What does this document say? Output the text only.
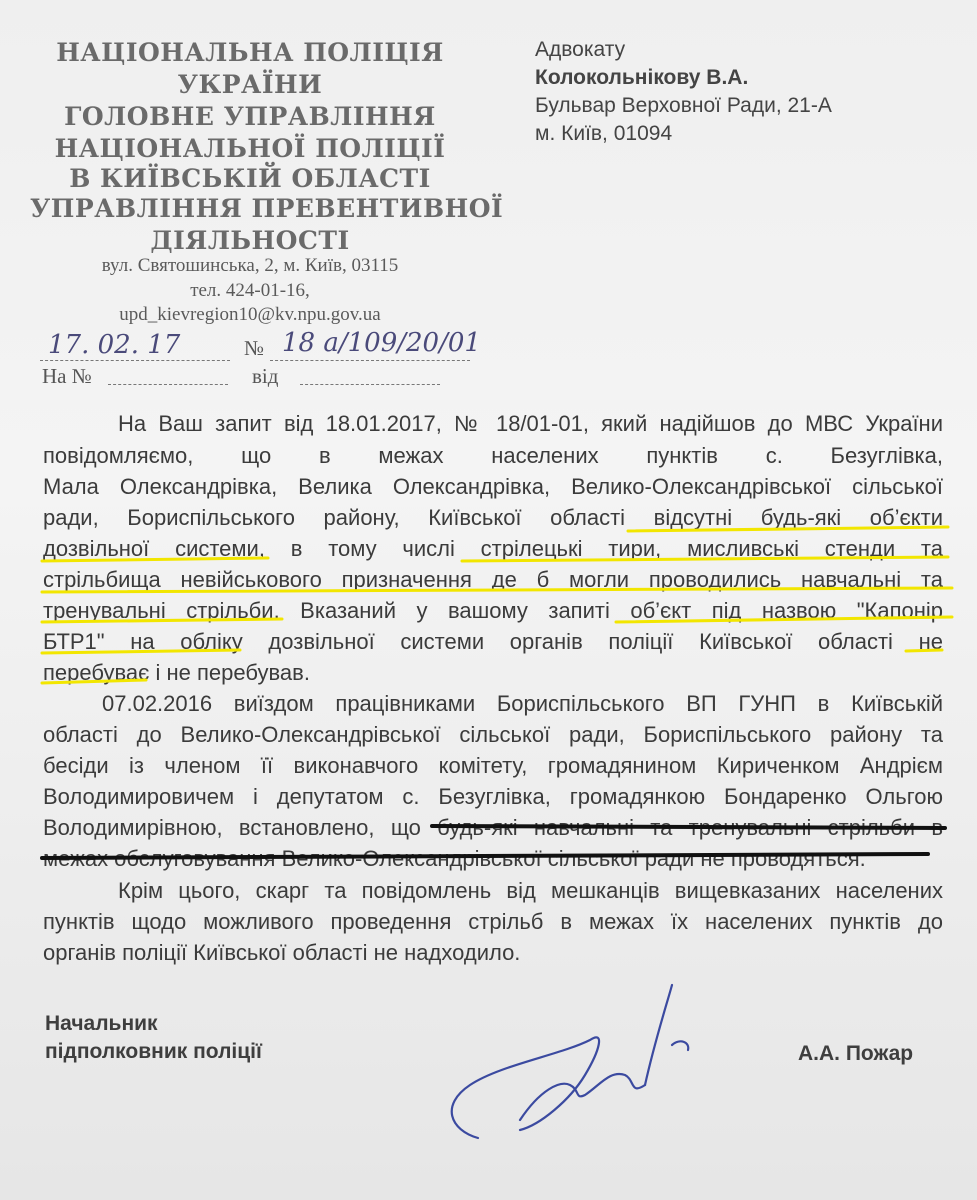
НАЦІОНАЛЬНА ПОЛІЦІЯ
УКРАЇНИ
ГОЛОВНЕ УПРАВЛІННЯ
НАЦІОНАЛЬНОЇ ПОЛІЦІЇ
В КИЇВСЬКІЙ ОБЛАСТІ
УПРАВЛІННЯ ПРЕВЕНТИВНОЇ
ДІЯЛЬНОСТІ
вул. Святошинська, 2, м. Київ, 03115
тел. 424-01-16,
upd_kievregion10@kv.npu.gov.ua
Адвокату
Колокольнікову В.А.
Бульвар Верховної Ради, 21-А
м. Київ, 01094
17. 02. 17	№ 18 a/109/20/01
На №	від
На Ваш запит від 18.01.2017, № 18/01-01, який надійшов до МВС України
повідомляємо, що в межах населених пунктів с. Безуглівка,
Мала Олександрівка, Велика Олександрівка, Велико-Олександрівської сільської
ради, Бориспільського району, Київської області відсутні будь-які об’єкти
дозвільної системи, в тому числі стрілецькі тири, мисливські стенди та
стрільбища невійськового призначення де б могли проводились навчальні та
тренувальні стрільби. Вказаний у вашому запиті об’єкт під назвою "Капонір
БТР1" на обліку дозвільної системи органів поліції Київської області не
перебуває і не перебував.
07.02.2016 виїздом працівниками Бориспільського ВП ГУНП в Київській
області до Велико-Олександрівської сільської ради, Бориспільського району та
бесіди із членом її виконавчого комітету, громадянином Кириченком Андрієм
Володимировичем і депутатом с. Безуглівка, громадянкою Бондаренко Ольгою
Володимирівною, встановлено, що будь-які навчальні та тренувальні стрільби в
межах обслуговування Велико-Олександрівської сільської ради не проводяться.
Крім цього, скарг та повідомлень від мешканців вищевказаних населених
пунктів щодо можливого проведення стрільб в межах їх населених пунктів до
органів поліції Київської області не надходило.
Начальник
підполковник поліції	А.А. Пожар
